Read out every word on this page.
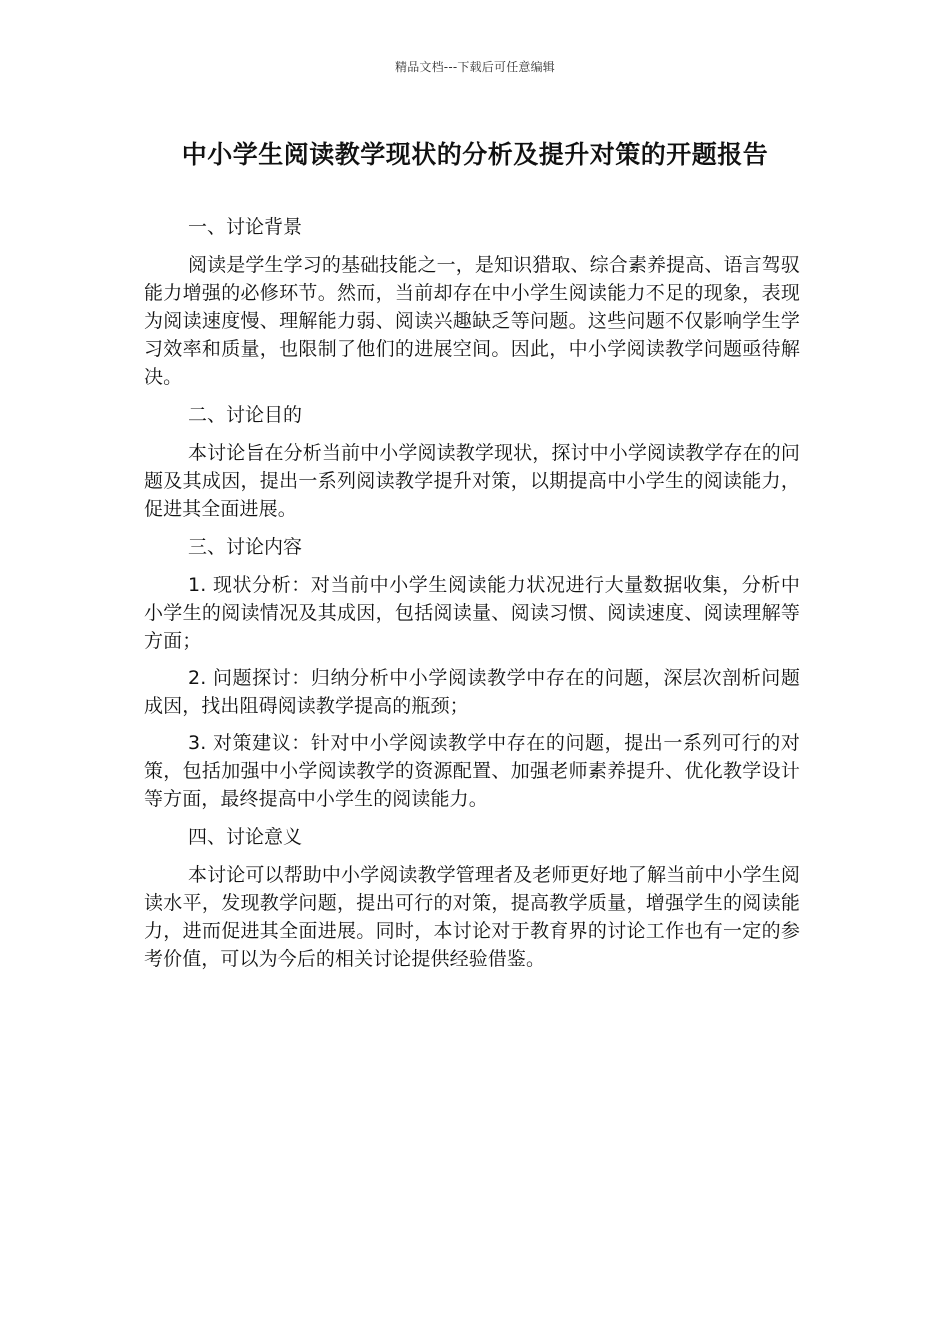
精品文档---下载后可任意编辑
中小学生阅读教学现状的分析及提升对策的开题报告
一、讨论背景

阅读是学生学习的基础技能之一，是知识猎取、综合素养提高、语言驾驭能力增强的必修环节。然而，当前却存在中小学生阅读能力不足的现象，表现为阅读速度慢、理解能力弱、阅读兴趣缺乏等问题。这些问题不仅影响学生学习效率和质量，也限制了他们的进展空间。因此，中小学阅读教学问题亟待解决。

二、讨论目的

本讨论旨在分析当前中小学阅读教学现状，探讨中小学阅读教学存在的问题及其成因，提出一系列阅读教学提升对策，以期提高中小学生的阅读能力，促进其全面进展。

三、讨论内容

1. 现状分析：对当前中小学生阅读能力状况进行大量数据收集，分析中小学生的阅读情况及其成因，包括阅读量、阅读习惯、阅读速度、阅读理解等方面；

2. 问题探讨：归纳分析中小学阅读教学中存在的问题，深层次剖析问题成因，找出阻碍阅读教学提高的瓶颈；

3. 对策建议：针对中小学阅读教学中存在的问题，提出一系列可行的对策，包括加强中小学阅读教学的资源配置、加强老师素养提升、优化教学设计等方面，最终提高中小学生的阅读能力。

四、讨论意义

本讨论可以帮助中小学阅读教学管理者及老师更好地了解当前中小学生阅读水平，发现教学问题，提出可行的对策，提高教学质量，增强学生的阅读能力，进而促进其全面进展。同时，本讨论对于教育界的讨论工作也有一定的参考价值，可以为今后的相关讨论提供经验借鉴。
